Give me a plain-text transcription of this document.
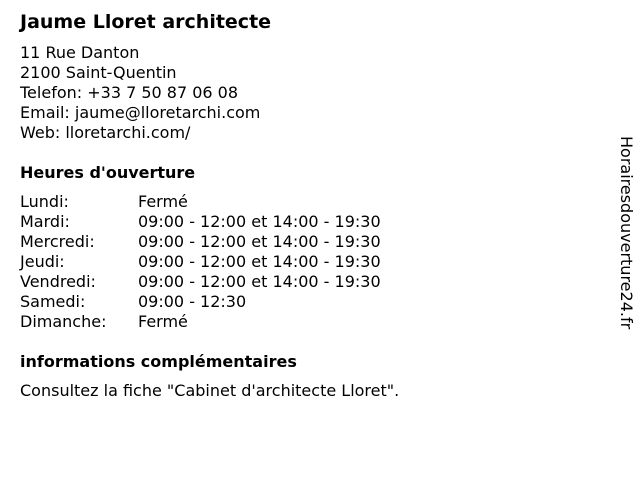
Jaume Lloret architecte
11 Rue Danton
2100 Saint-Quentin
Telefon: +33 7 50 87 06 08
Email: jaume@lloretarchi.com
Web: lloretarchi.com/
Heures d'ouverture
Lundi:	Fermé
Mardi:	09:00 - 12:00 et 14:00 - 19:30
Mercredi:	09:00 - 12:00 et 14:00 - 19:30
Jeudi:	09:00 - 12:00 et 14:00 - 19:30
Vendredi:	09:00 - 12:00 et 14:00 - 19:30
Samedi:	09:00 - 12:30
Dimanche:	Fermé
informations complémentaires
Consultez la fiche "Cabinet d'architecte Lloret".
Horairesdouverture24.fr
